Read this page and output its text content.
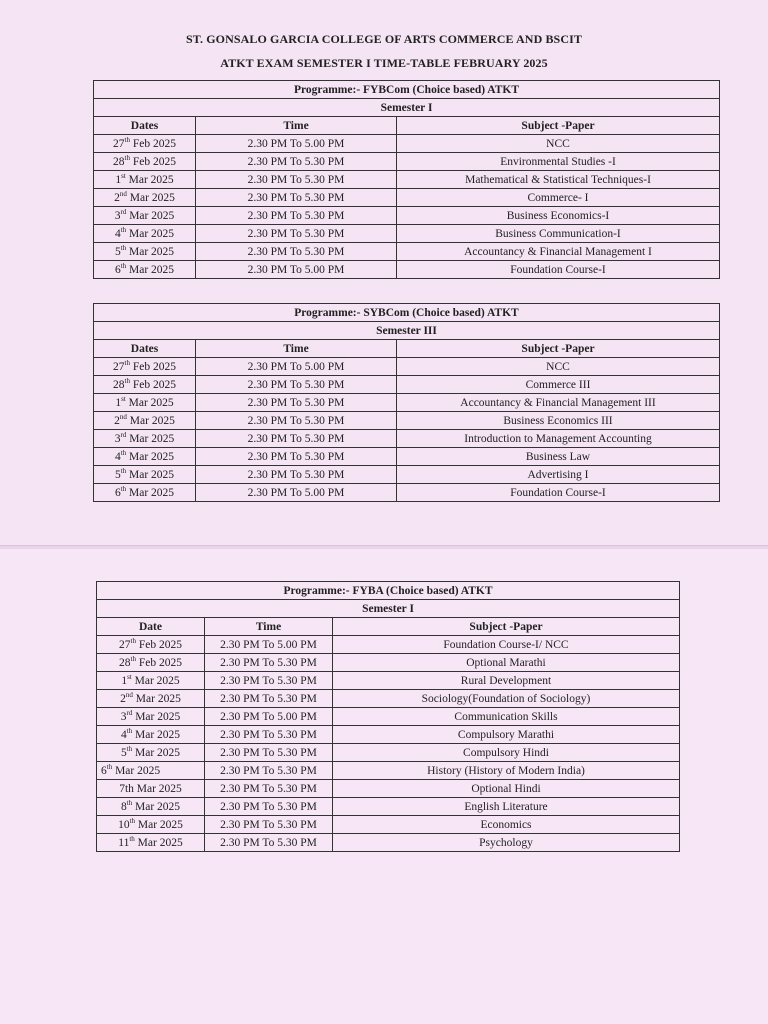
ST. GONSALO GARCIA COLLEGE OF ARTS COMMERCE AND BSCIT
ATKT EXAM SEMESTER I TIME-TABLE FEBRUARY 2025
Programme:- FYBCom (Choice based) ATKT		
Semester I		
Dates	Time	Subject -Paper
27th Feb 2025	2.30 PM To 5.00 PM	NCC
28th Feb 2025	2.30 PM To 5.30 PM	Environmental Studies -I
1st Mar 2025	2.30 PM To 5.30 PM	Mathematical & Statistical Techniques-I
2nd Mar 2025	2.30 PM To 5.30 PM	Commerce- I
3rd Mar 2025	2.30 PM To 5.30 PM	Business Economics-I
4th Mar 2025	2.30 PM To 5.30 PM	Business Communication-I
5th Mar 2025	2.30 PM To 5.30 PM	Accountancy & Financial Management I
6th Mar 2025	2.30 PM To 5.00 PM	Foundation Course-I
Programme:- SYBCom (Choice based) ATKT		
Semester III		
Dates	Time	Subject -Paper
27th Feb 2025	2.30 PM To 5.00 PM	NCC
28th Feb 2025	2.30 PM To 5.30 PM	Commerce III
1st Mar 2025	2.30 PM To 5.30 PM	Accountancy & Financial Management III
2nd Mar 2025	2.30 PM To 5.30 PM	Business Economics III
3rd Mar 2025	2.30 PM To 5.30 PM	Introduction to Management Accounting
4th Mar 2025	2.30 PM To 5.30 PM	Business Law
5th Mar 2025	2.30 PM To 5.30 PM	Advertising I
6th Mar 2025	2.30 PM To 5.00 PM	Foundation Course-I
Programme:- FYBA (Choice based) ATKT		
Semester I		
Date	Time	Subject -Paper
27th Feb 2025	2.30 PM To 5.00 PM	Foundation Course-I/ NCC
28th Feb 2025	2.30 PM To 5.30 PM	Optional Marathi
1st Mar 2025	2.30 PM To 5.30 PM	Rural Development
2nd Mar 2025	2.30 PM To 5.30 PM	Sociology(Foundation of Sociology)
3rd Mar 2025	2.30 PM To 5.00 PM	Communication Skills
4th Mar 2025	2.30 PM To 5.30 PM	Compulsory Marathi
5th Mar 2025	2.30 PM To 5.30 PM	Compulsory Hindi
6th Mar 2025	2.30 PM To 5.30 PM	History (History of Modern India)
7th Mar 2025	2.30 PM To 5.30 PM	Optional Hindi
8th Mar 2025	2.30 PM To 5.30 PM	English Literature
10th Mar 2025	2.30 PM To 5.30 PM	Economics
11th Mar 2025	2.30 PM To 5.30 PM	Psychology
